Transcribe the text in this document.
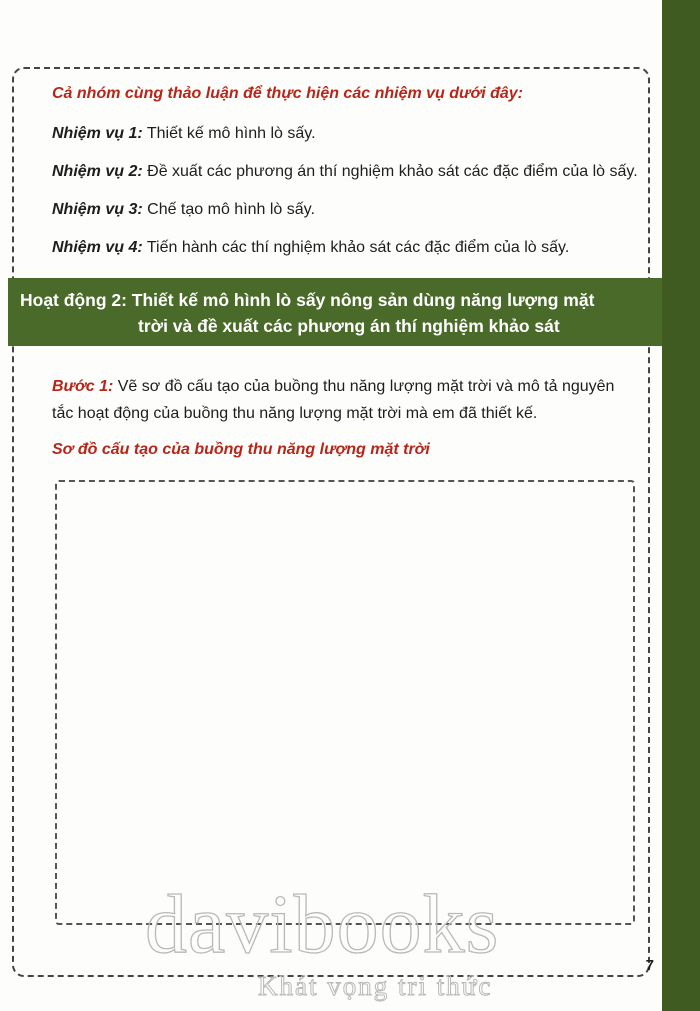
Cả nhóm cùng thảo luận để thực hiện các nhiệm vụ dưới đây:

Nhiệm vụ 1: Thiết kế mô hình lò sấy.

Nhiệm vụ 2: Đề xuất các phương án thí nghiệm khảo sát các đặc điểm của lò sấy.

Nhiệm vụ 3: Chế tạo mô hình lò sấy.

Nhiệm vụ 4: Tiến hành các thí nghiệm khảo sát các đặc điểm của lò sấy.

Hoạt động 2: Thiết kế mô hình lò sấy nông sản dùng năng lượng mặt

trời và đề xuất các phương án thí nghiệm khảo sát

Bước 1: Vẽ sơ đồ cấu tạo của buồng thu năng lượng mặt trời và mô tả nguyên

tắc hoạt động của buồng thu năng lượng mặt trời mà em đã thiết kế.

Sơ đồ cấu tạo của buồng thu năng lượng mặt trời

davibooks
Khát vọng tri thức
7
